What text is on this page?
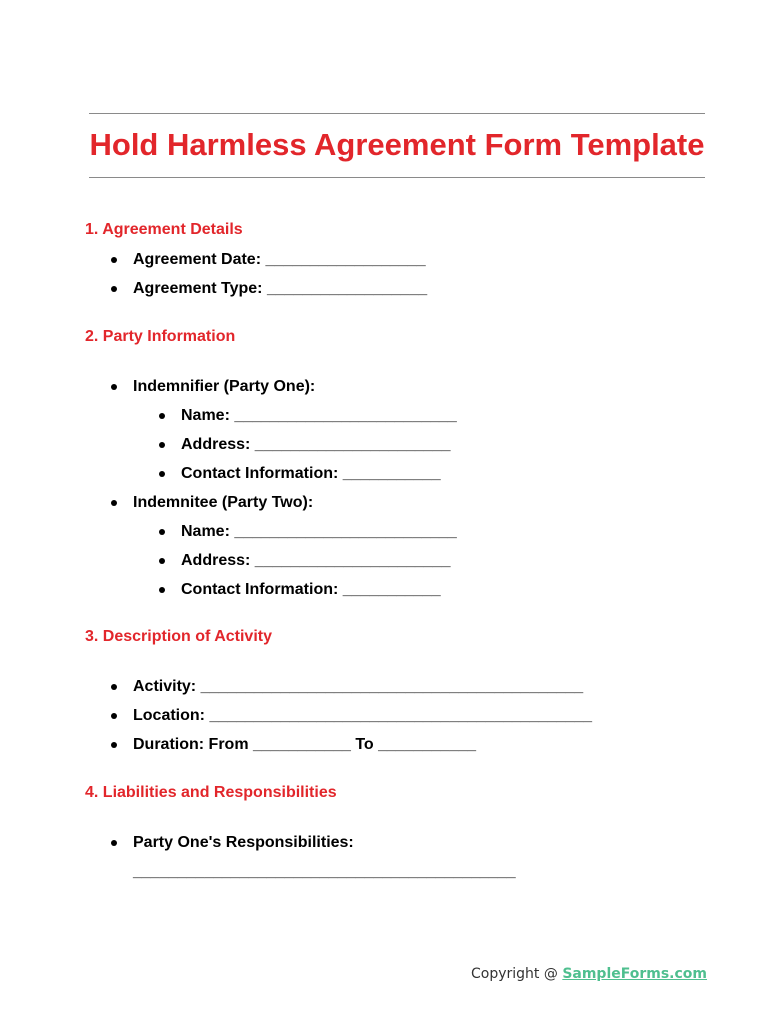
Hold Harmless Agreement Form Template
1. Agreement Details
Agreement Date: __________________
Agreement Type: __________________
2. Party Information
Indemnifier (Party One):
Name: _________________________
Address: ______________________
Contact Information: ___________
Indemnitee (Party Two):
Name: _________________________
Address: ______________________
Contact Information: ___________
3. Description of Activity
Activity: ___________________________________________
Location: ___________________________________________
Duration: From ___________ To ___________
4. Liabilities and Responsibilities
Party One's Responsibilities:
___________________________________________
Copyright @ SampleForms.com
